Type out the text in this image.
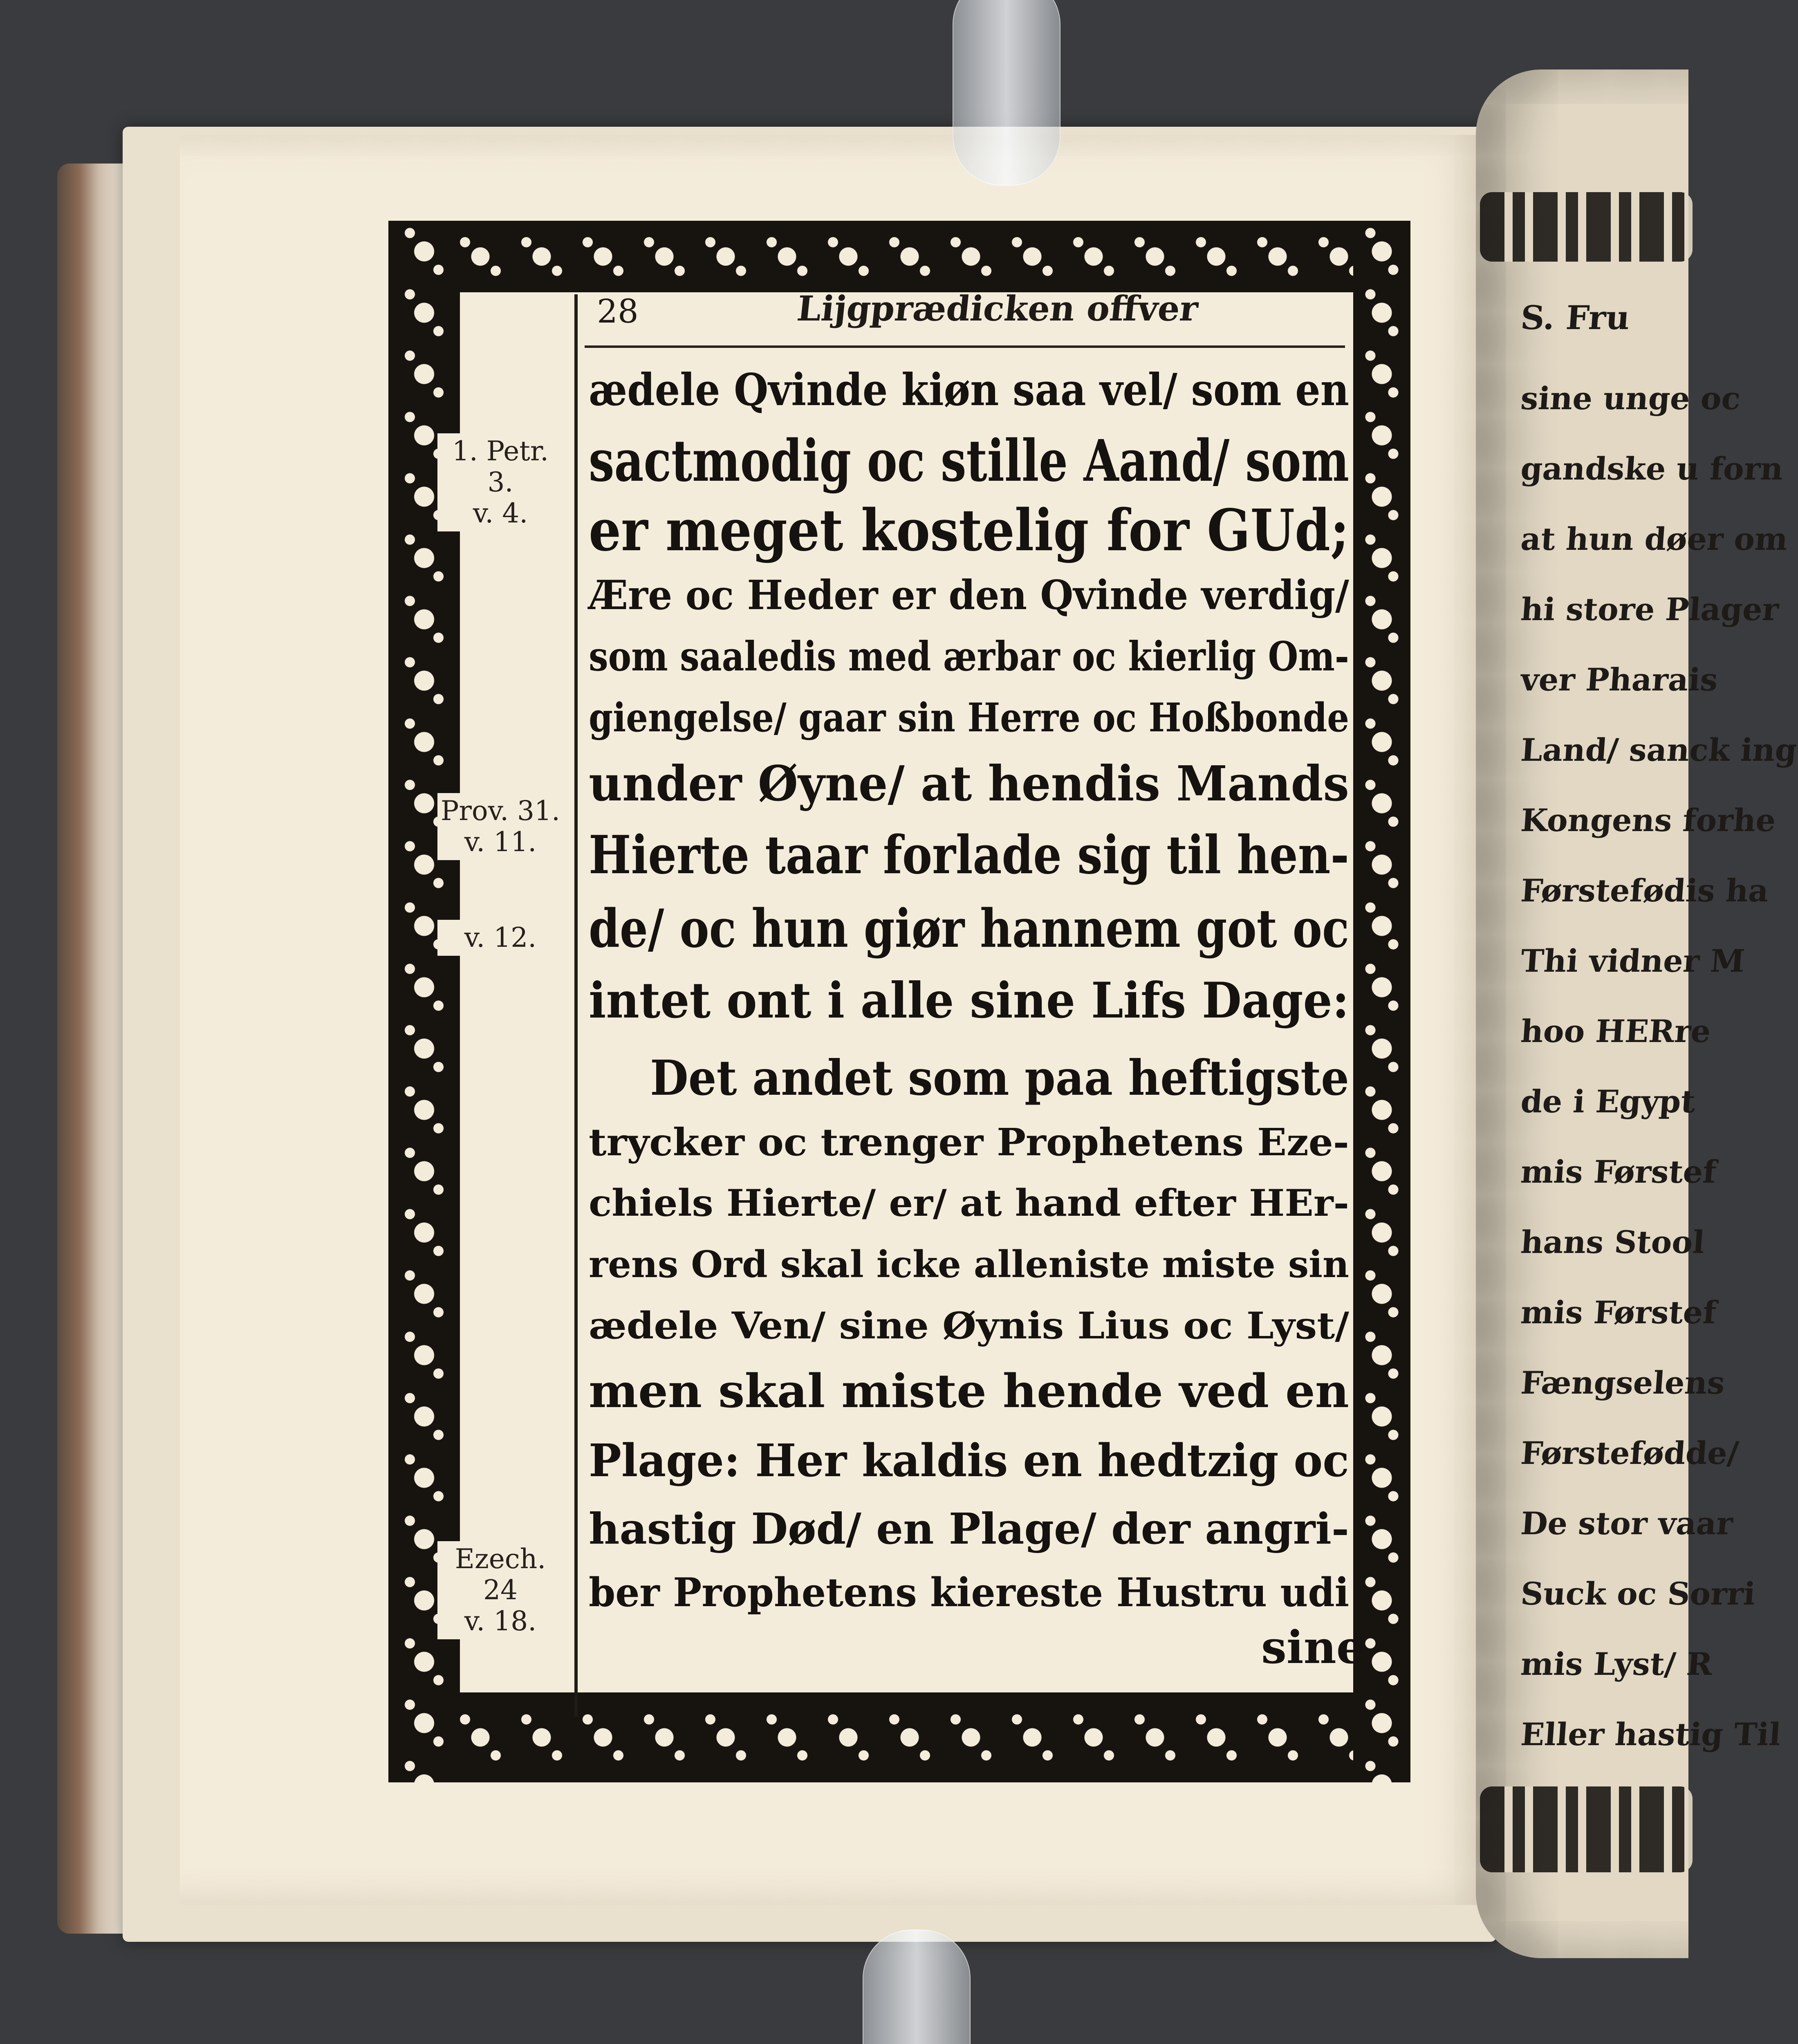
S. Fru
sine unge oc
gandske u forn
at hun døer om
hi store Plager
ver Pharais
Land/ sanck ing
Kongens forhe
Førstefødis ha
Thi vidner M
hoo HERre
de i Egypt
mis Førstef
hans Stool
mis Førstef
Fængselens
Førstefødde/
De stor vaar
Suck oc Sorri
mis Lyst/ R
Eller hastig Til
1. Petr. 3.
v. 4.
Prov. 31.
v. 11.
v. 12.
Ezech. 24
v. 18.
28	Lijgprædicken offver
ædele Qvinde kiøn saa vel/ som en
sactmodig oc stille Aand/ som
er meget kostelig for GUd;
Ære oc Heder er den Qvinde verdig/
som saaledis med ærbar oc kierlig Om-
giengelse/ gaar sin Herre oc Hoßbonde
under Øyne/ at hendis Mands
Hierte taar forlade sig til hen-
de/ oc hun giør hannem got oc
intet ont i alle sine Lifs Dage:
Det andet som paa heftigste
trycker oc trenger Prophetens Eze-
chiels Hierte/ er/ at hand efter HEr-
rens Ord skal icke alleniste miste sin
ædele Ven/ sine Øynis Lius oc Lyst/
men skal miste hende ved en
Plage: Her kaldis en hedtzig oc
hastig Død/ en Plage/ der angri-
ber Prophetens kiereste Hustru udi
sine
